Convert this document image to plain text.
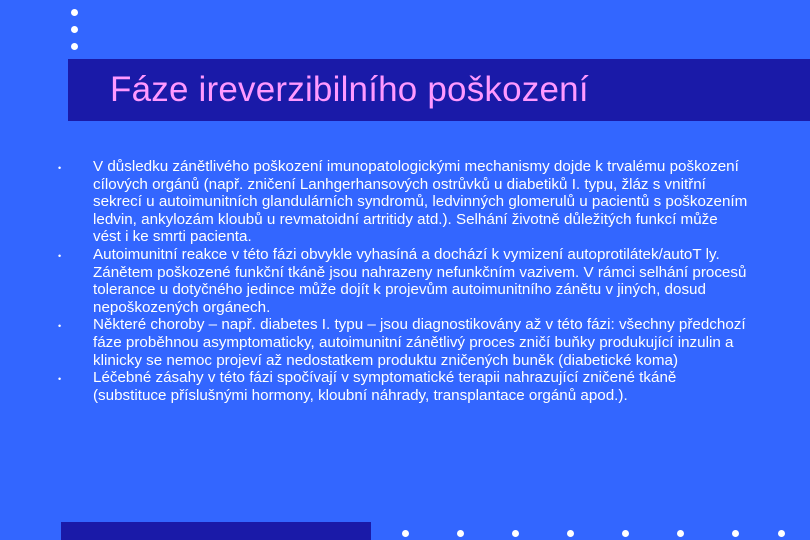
Fáze ireverzibilního poškození
•	V důsledku zánětlivého poškození imunopatologickými mechanismy dojde k trvalému poškození cílových orgánů (např. zničení Lanhgerhansových ostrůvků u diabetiků I. typu, žláz s vnitřní sekrecí u autoimunitních glandulárních syndromů, ledvinných glomerulů u pacientů s poškozením ledvin, ankylozám kloubů u revmatoidní artritidy atd.). Selhání životně důležitých funkcí může vést i ke smrti pacienta.
•	Autoimunitní reakce v této fázi obvykle vyhasíná a dochází k vymizení autoprotilátek/autoT ly. Zánětem poškozené funkční tkáně jsou nahrazeny nefunkčním vazivem. V rámci selhání procesů tolerance u dotyčného jedince může dojít k projevům autoimunitního zánětu v jiných, dosud nepoškozených orgánech.
•	Některé choroby – např. diabetes I. typu – jsou diagnostikovány až v této fázi: všechny předchozí fáze proběhnou asymptomaticky, autoimunitní zánětlivý proces zničí buňky produkující inzulin a klinicky se nemoc projeví až nedostatkem produktu zničených buněk (diabetické koma)
•	Léčebné zásahy v této fázi spočívají v symptomatické terapii nahrazující zničené tkáně (substituce příslušnými hormony, kloubní náhrady, transplantace orgánů apod.).
